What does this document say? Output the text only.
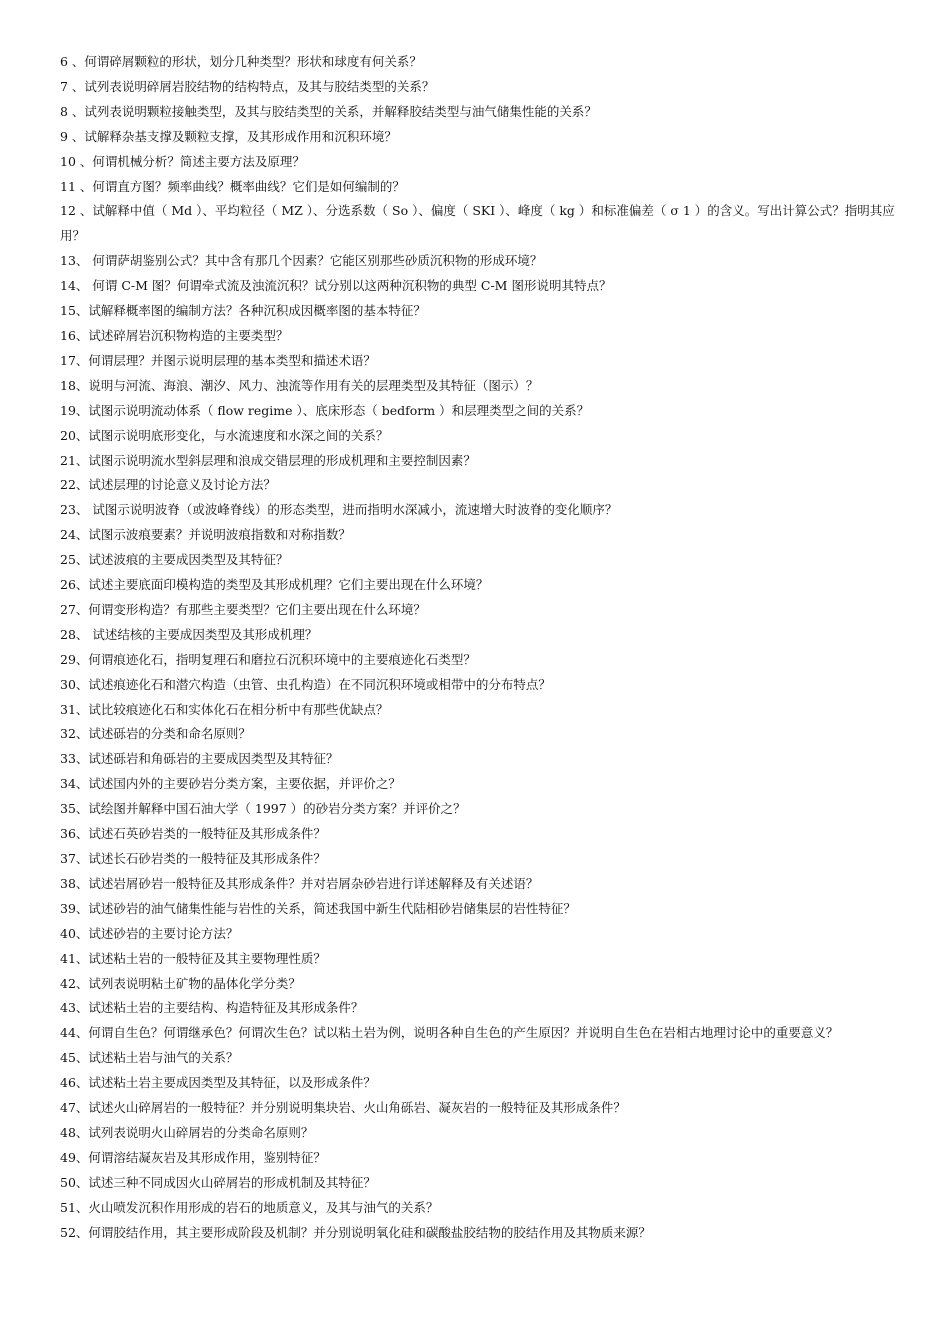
6 、何谓碎屑颗粒的形状，划分几种类型？形状和球度有何关系？

7 、试列表说明碎屑岩胶结物的结构特点，及其与胶结类型的关系？

8 、试列表说明颗粒接触类型，及其与胶结类型的关系，并解释胶结类型与油气储集性能的关系？

9 、试解释杂基支撑及颗粒支撑，及其形成作用和沉积环境？

10 、何谓机械分析？简述主要方法及原理？

11 、何谓直方图？频率曲线？概率曲线？它们是如何编制的？

12 、试解释中值（ Md ）、平均粒径（ MZ ）、分选系数（ So ）、偏度（ SKI ）、峰度（ kg ）和标准偏差（ σ 1 ）的含义。写出计算公式？指明其应用？

13、 何谓萨胡鉴别公式？其中含有那几个因素？它能区别那些砂质沉积物的形成环境？

14、 何谓 C-M 图？何谓牵式流及浊流沉积？试分别以这两种沉积物的典型 C-M 图形说明其特点？

15、试解释概率图的编制方法？各种沉积成因概率图的基本特征？

16、试述碎屑岩沉积物构造的主要类型？

17、何谓层理？并图示说明层理的基本类型和描述术语？

18、说明与河流、海浪、潮汐、风力、浊流等作用有关的层理类型及其特征（图示）？

19、试图示说明流动体系（ flow regime ）、底床形态（ bedform ）和层理类型之间的关系？

20、试图示说明底形变化，与水流速度和水深之间的关系？

21、试图示说明流水型斜层理和浪成交错层理的形成机理和主要控制因素？

22、试述层理的讨论意义及讨论方法？

23、 试图示说明波脊（或波峰脊线）的形态类型，进而指明水深减小，流速增大时波脊的变化顺序？

24、试图示波痕要素？并说明波痕指数和对称指数？

25、试述波痕的主要成因类型及其特征？

26、试述主要底面印模构造的类型及其形成机理？它们主要出现在什么环境？

27、何谓变形构造？有那些主要类型？它们主要出现在什么环境？

28、 试述结核的主要成因类型及其形成机理？

29、何谓痕迹化石，指明复理石和磨拉石沉积环境中的主要痕迹化石类型？

30、试述痕迹化石和潜穴构造（虫管、虫孔构造）在不同沉积环境或相带中的分布特点？

31、试比较痕迹化石和实体化石在相分析中有那些优缺点？

32、试述砾岩的分类和命名原则？

33、试述砾岩和角砾岩的主要成因类型及其特征？

34、试述国内外的主要砂岩分类方案，主要依据，并评价之？

35、试绘图并解释中国石油大学（ 1997 ）的砂岩分类方案？并评价之？

36、试述石英砂岩类的一般特征及其形成条件？

37、试述长石砂岩类的一般特征及其形成条件？

38、试述岩屑砂岩一般特征及其形成条件？并对岩屑杂砂岩进行详述解释及有关述语？

39、试述砂岩的油气储集性能与岩性的关系，简述我国中新生代陆相砂岩储集层的岩性特征？

40、试述砂岩的主要讨论方法？

41、试述粘土岩的一般特征及其主要物理性质？

42、试列表说明粘土矿物的晶体化学分类？

43、试述粘土岩的主要结构、构造特征及其形成条件？

44、何谓自生色？何谓继承色？何谓次生色？试以粘土岩为例，说明各种自生色的产生原因？并说明自生色在岩相古地理讨论中的重要意义？

45、试述粘土岩与油气的关系？

46、试述粘土岩主要成因类型及其特征，以及形成条件？

47、试述火山碎屑岩的一般特征？并分别说明集块岩、火山角砾岩、凝灰岩的一般特征及其形成条件？

48、试列表说明火山碎屑岩的分类命名原则？

49、何谓溶结凝灰岩及其形成作用，鉴别特征？

50、试述三种不同成因火山碎屑岩的形成机制及其特征？

51、火山喷发沉积作用形成的岩石的地质意义，及其与油气的关系？

52、何谓胶结作用，其主要形成阶段及机制？并分别说明氧化硅和碳酸盐胶结物的胶结作用及其物质来源？
